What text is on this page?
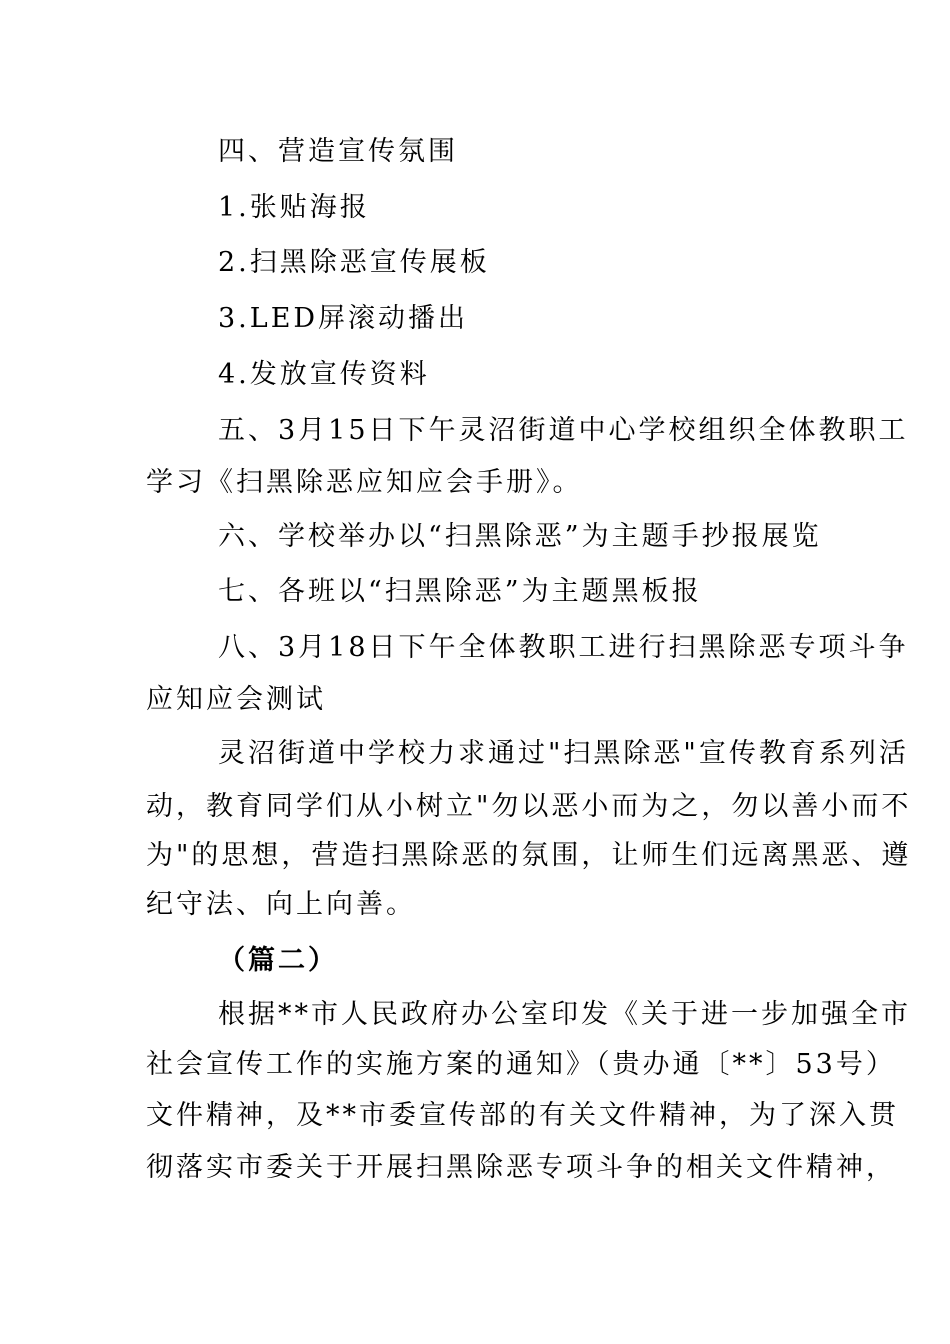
四、营造宣传氛围
1.张贴海报
2.扫黑除恶宣传展板
3.LED屏滚动播出
4.发放宣传资料
五、3月15日下午灵沼街道中心学校组织全体教职工
学习《扫黑除恶应知应会手册》。
六、学校举办以“扫黑除恶”为主题手抄报展览
七、各班以“扫黑除恶”为主题黑板报
八、3月18日下午全体教职工进行扫黑除恶专项斗争
应知应会测试
灵沼街道中学校力求通过"扫黑除恶"宣传教育系列活
动，教育同学们从小树立"勿以恶小而为之，勿以善小而不
为"的思想，营造扫黑除恶的氛围，让师生们远离黑恶、遵
纪守法、向上向善。
（篇二）
根据**市人民政府办公室印发《关于进一步加强全市
社会宣传工作的实施方案的通知》（贵办通〔**〕53号）
文件精神，及**市委宣传部的有关文件精神，为了深入贯
彻落实市委关于开展扫黑除恶专项斗争的相关文件精神，
